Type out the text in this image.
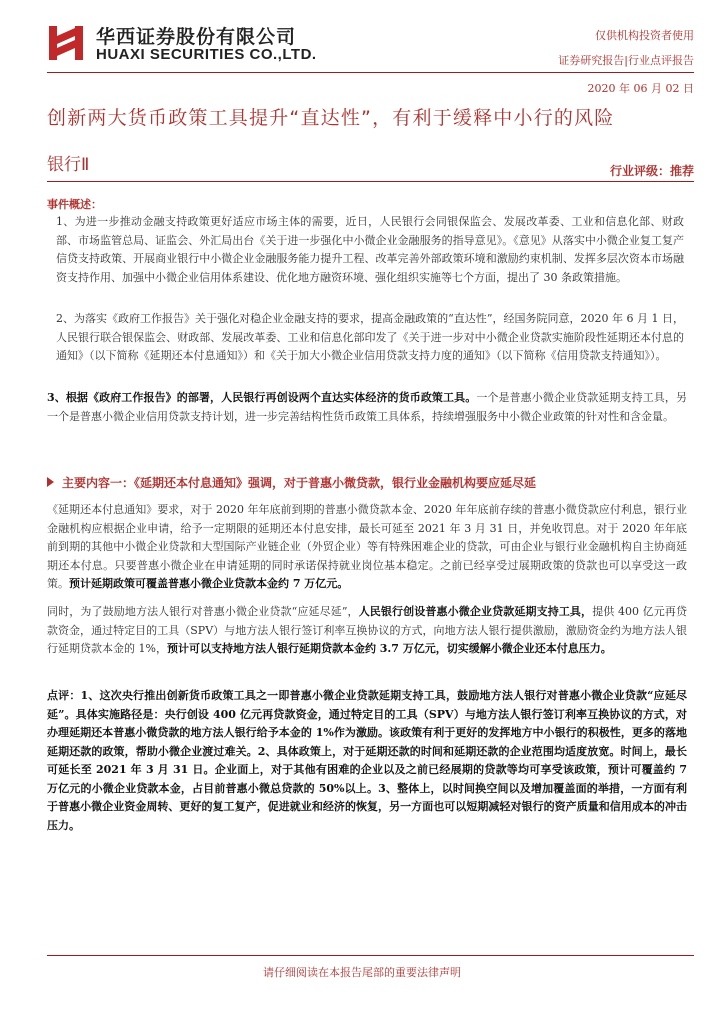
华西证券股份有限公司
HUAXI SECURITIES CO.,LTD.
仅供机构投资者使用
证券研究报告|行业点评报告
2020 年 06 月 02 日
创新两大货币政策工具提升“直达性”，有利于缓释中小行的风险
银行Ⅱ	行业评级：推荐
事件概述：

1、为进一步推动金融支持政策更好适应市场主体的需要，近日，人民银行会同银保监会、发展改革委、工业和信息化部、财政部、市场监管总局、证监会、外汇局出台《关于进一步强化中小微企业金融服务的指导意见》。《意见》从落实中小微企业复工复产信贷支持政策、开展商业银行中小微企业金融服务能力提升工程、改革完善外部政策环境和激励约束机制、发挥多层次资本市场融资支持作用、加强中小微企业信用体系建设、优化地方融资环境、强化组织实施等七个方面，提出了 30 条政策措施。

2、为落实《政府工作报告》关于强化对稳企业金融支持的要求，提高金融政策的“直达性”，经国务院同意，2020 年 6 月 1 日，人民银行联合银保监会、财政部、发展改革委、工业和信息化部印发了《关于进一步对中小微企业贷款实施阶段性延期还本付息的通知》（以下简称《延期还本付息通知》）和《关于加大小微企业信用贷款支持力度的通知》（以下简称《信用贷款支持通知》）。

3、根据《政府工作报告》的部署，人民银行再创设两个直达实体经济的货币政策工具。一个是普惠小微企业贷款延期支持工具，另一个是普惠小微企业信用贷款支持计划，进一步完善结构性货币政策工具体系，持续增强服务中小微企业政策的针对性和含金量。

主要内容一：《延期还本付息通知》强调，对于普惠小微贷款，银行业金融机构要应延尽延

《延期还本付息通知》要求，对于 2020 年年底前到期的普惠小微贷款本金、2020 年年底前存续的普惠小微贷款应付利息，银行业金融机构应根据企业申请，给予一定期限的延期还本付息安排，最长可延至 2021 年 3 月 31 日，并免收罚息。对于 2020 年年底前到期的其他中小微企业贷款和大型国际产业链企业（外贸企业）等有特殊困难企业的贷款，可由企业与银行业金融机构自主协商延期还本付息。只要普惠小微企业在申请延期的同时承诺保持就业岗位基本稳定。之前已经享受过展期政策的贷款也可以享受这一政策。预计延期政策可覆盖普惠小微企业贷款本金约 7 万亿元。

同时，为了鼓励地方法人银行对普惠小微企业贷款“应延尽延”，人民银行创设普惠小微企业贷款延期支持工具，提供 400 亿元再贷款资金，通过特定目的工具（SPV）与地方法人银行签订利率互换协议的方式，向地方法人银行提供激励，激励资金约为地方法人银行延期贷款本金的 1%，预计可以支持地方法人银行延期贷款本金约 3.7 万亿元，切实缓解小微企业还本付息压力。

点评：1、这次央行推出创新货币政策工具之一即普惠小微企业贷款延期支持工具，鼓励地方法人银行对普惠小微企业贷款“应延尽延”。具体实施路径是：央行创设 400 亿元再贷款资金，通过特定目的工具（SPV）与地方法人银行签订利率互换协议的方式，对办理延期还本普惠小微贷款的地方法人银行给予本金的 1%作为激励。该政策有利于更好的发挥地方中小银行的积极性，更多的落地延期还款的政策，帮助小微企业渡过难关。2、具体政策上，对于延期还款的时间和延期还款的企业范围均适度放宽。时间上，最长可延长至 2021 年 3 月 31 日。企业面上，对于其他有困难的企业以及之前已经展期的贷款等均可享受该政策，预计可覆盖约 7 万亿元的小微企业贷款本金，占目前普惠小微总贷款的 50%以上。3、整体上，以时间换空间以及增加覆盖面的举措，一方面有利于普惠小微企业资金周转、更好的复工复产，促进就业和经济的恢复，另一方面也可以短期减轻对银行的资产质量和信用成本的冲击压力。

请仔细阅读在本报告尾部的重要法律声明
